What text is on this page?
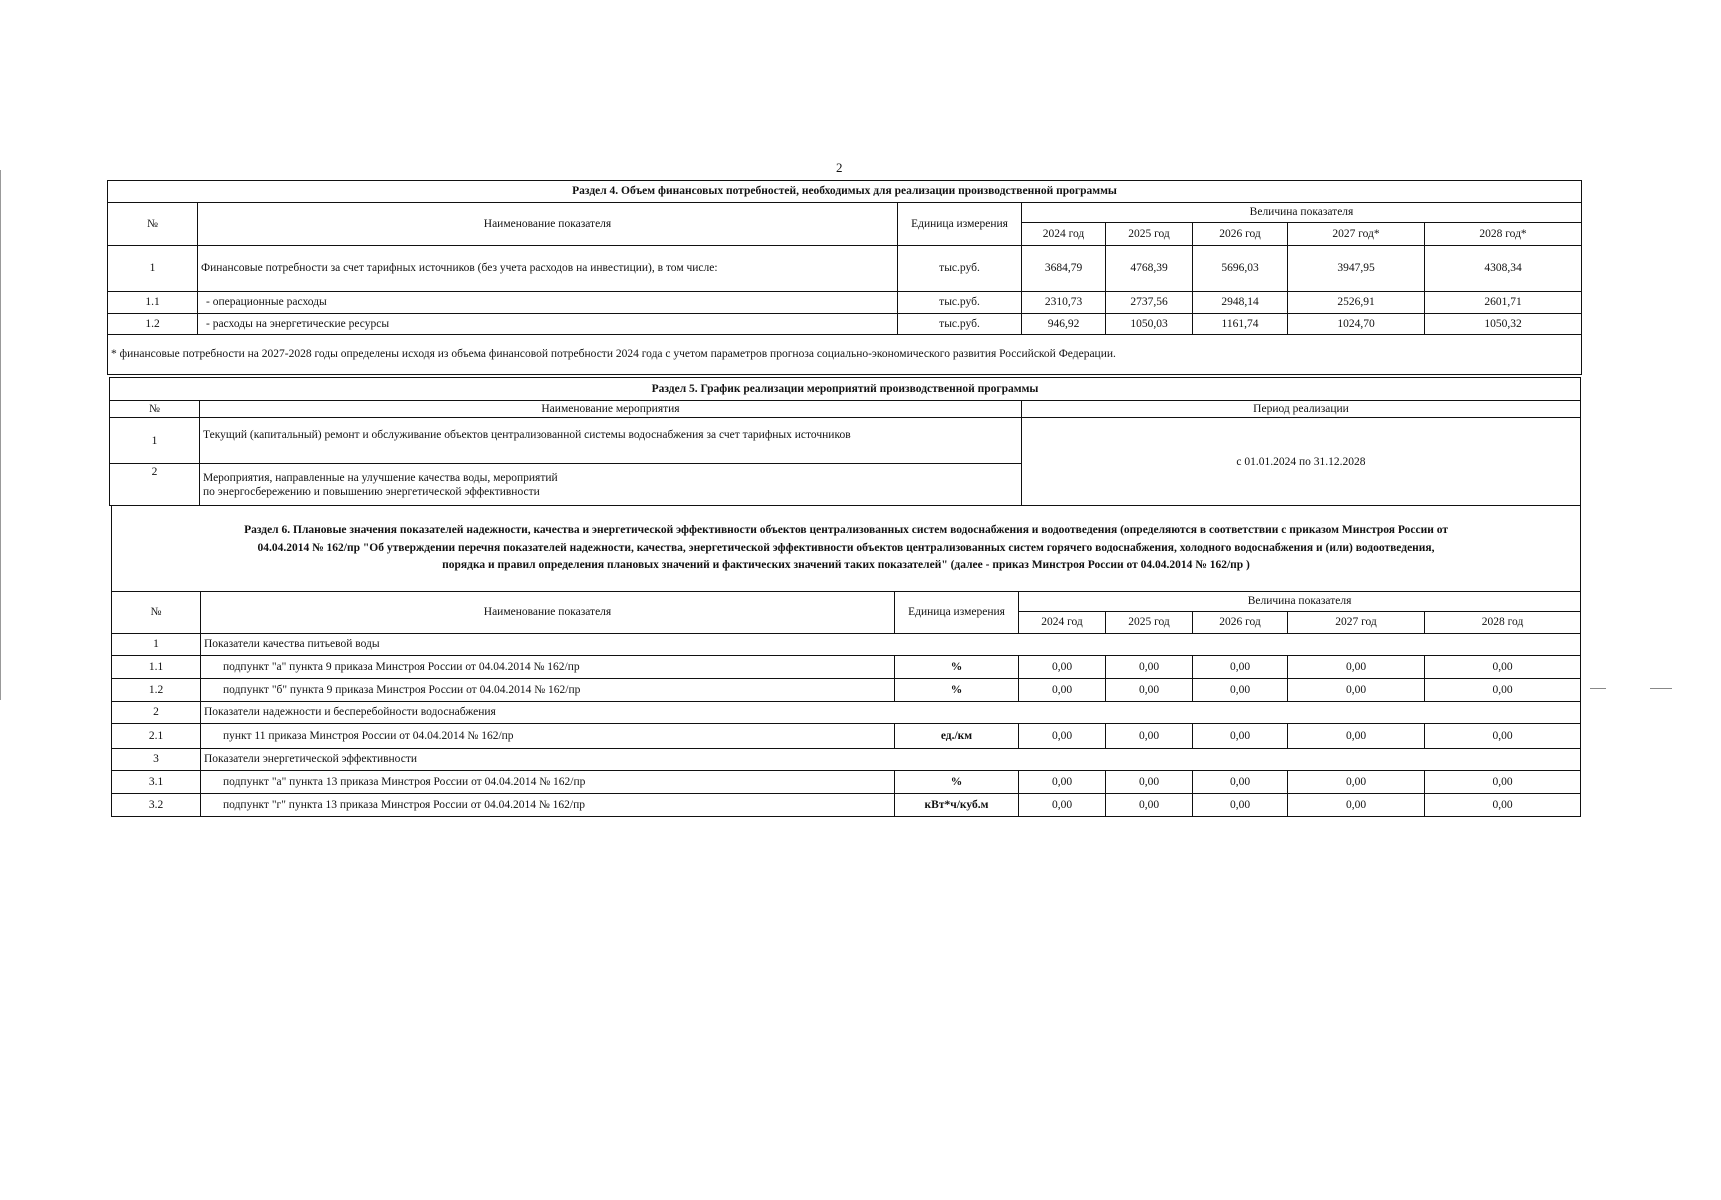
2
Раздел 4. Объем финансовых потребностей, необходимых для реализации производственной программы							
№	Наименование показателя	Единица измерения	Величина показателя				
			2024 год	2025 год	2026 год	2027 год*	2028 год*
1	Финансовые потребности за счет тарифных источников (без учета расходов на инвестиции), в том числе:	тыс.руб.	3684,79	4768,39	5696,03	3947,95	4308,34
1.1	- операционные расходы	тыс.руб.	2310,73	2737,56	2948,14	2526,91	2601,71
1.2	- расходы на энергетические ресурсы	тыс.руб.	946,92	1050,03	1161,74	1024,70	1050,32
* финансовые потребности на 2027-2028 годы определены исходя из объема финансовой потребности 2024 года с учетом параметров прогноза социально-экономического развития Российской Федерации.							
Раздел 5. График реализации мероприятий производственной программы		
№	Наименование мероприятия	Период реализации
1	Текущий (капитальный) ремонт и обслуживание объектов централизованной системы водоснабжения за счет тарифных источников	с 01.01.2024 по 31.12.2028
2	Мероприятия, направленные на улучшение качества воды, мероприятий
по энергосбережению и повышению энергетической эффективности	
Раздел 6. Плановые значения показателей надежности, качества и энергетической эффективности объектов централизованных систем водоснабжения и водоотведения (определяются в соответствии с приказом Минстроя России от
04.04.2014 № 162/пр "Об утверждении перечня показателей надежности, качества, энергетической эффективности объектов централизованных систем горячего водоснабжения, холодного водоснабжения и (или) водоотведения,
порядка и правил определения плановых значений и фактических значений таких показателей" (далее - приказ Минстроя России от 04.04.2014 № 162/пр )							

№	Наименование показателя	Единица измерения	Величина показателя				
			2024 год	2025 год	2026 год	2027 год	2028 год
1	Показатели качества питьевой воды						
1.1	подпункт "а" пункта 9 приказа Минстроя России от 04.04.2014 № 162/пр	%	0,00	0,00	0,00	0,00	0,00
1.2	подпункт "б" пункта 9 приказа Минстроя России от 04.04.2014 № 162/пр	%	0,00	0,00	0,00	0,00	0,00
2	Показатели надежности и бесперебойности водоснабжения						
2.1	пункт 11 приказа Минстроя России от 04.04.2014 № 162/пр	ед./км	0,00	0,00	0,00	0,00	0,00
3	Показатели энергетической эффективности						
3.1	подпункт "а" пункта 13 приказа Минстроя России от 04.04.2014 № 162/пр	%	0,00	0,00	0,00	0,00	0,00
3.2	подпункт "г" пункта 13 приказа Минстроя России от 04.04.2014 № 162/пр	кВт*ч/куб.м	0,00	0,00	0,00	0,00	0,00
